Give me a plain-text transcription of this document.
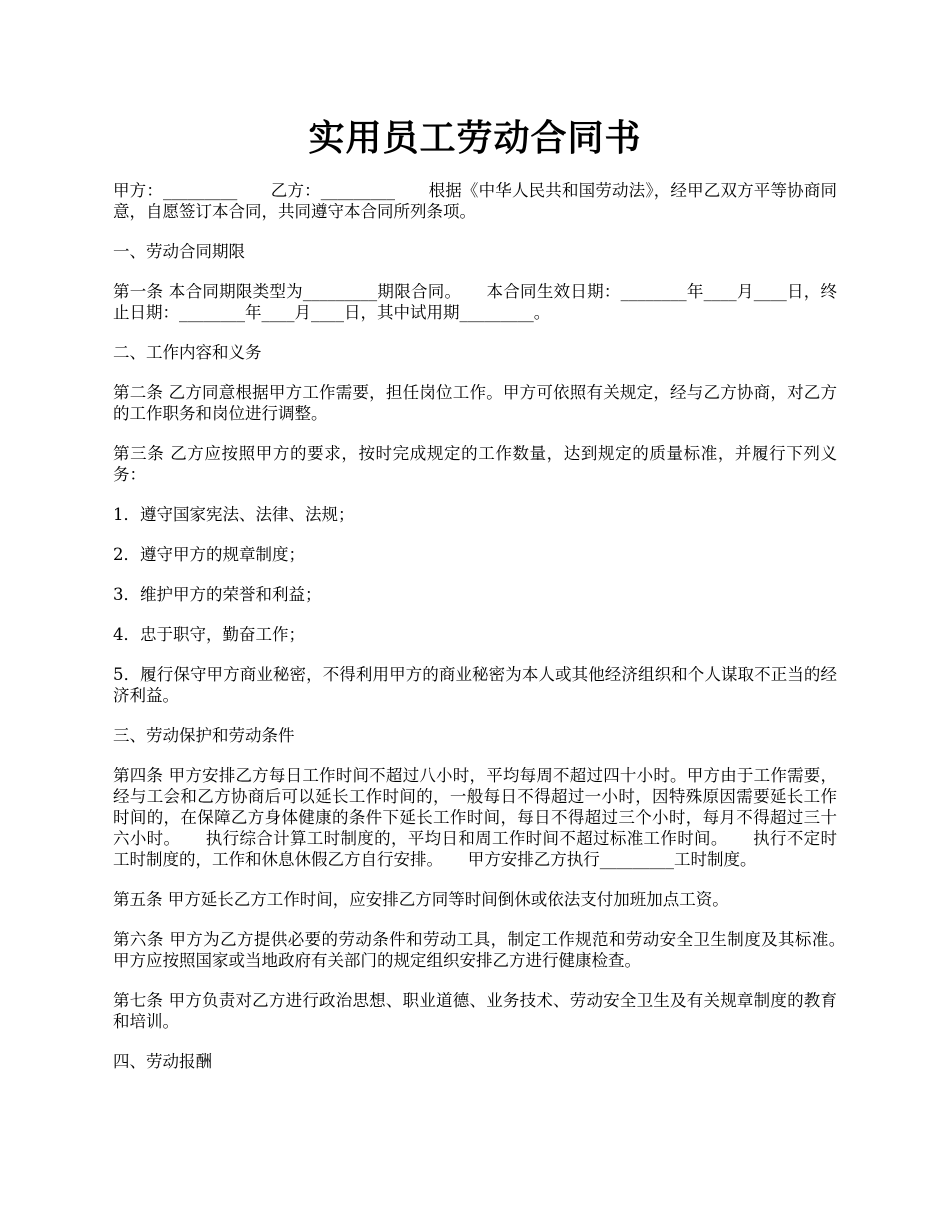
实用员工劳动合同书

甲方：_________　　乙方：_________　　根据《中华人民共和国劳动法》，经甲乙双方平等协商同意，自愿签订本合同，共同遵守本合同所列条项。

一、劳动合同期限

第一条 本合同期限类型为_________期限合同。　　本合同生效日期：________年____月____日，终止日期：________年____月____日，其中试用期_________。

二、工作内容和义务

第二条 乙方同意根据甲方工作需要，担任岗位工作。甲方可依照有关规定，经与乙方协商，对乙方的工作职务和岗位进行调整。

第三条 乙方应按照甲方的要求，按时完成规定的工作数量，达到规定的质量标准，并履行下列义务：

1．遵守国家宪法、法律、法规；

2．遵守甲方的规章制度；

3．维护甲方的荣誉和利益；

4．忠于职守，勤奋工作；

5．履行保守甲方商业秘密，不得利用甲方的商业秘密为本人或其他经济组织和个人谋取不正当的经济利益。

三、劳动保护和劳动条件

第四条 甲方安排乙方每日工作时间不超过八小时，平均每周不超过四十小时。甲方由于工作需要，经与工会和乙方协商后可以延长工作时间的，一般每日不得超过一小时，因特殊原因需要延长工作时间的，在保障乙方身体健康的条件下延长工作时间，每日不得超过三个小时，每月不得超过三十六小时。　　执行综合计算工时制度的，平均日和周工作时间不超过标准工作时间。　　执行不定时工时制度的，工作和休息休假乙方自行安排。　　甲方安排乙方执行_________工时制度。

第五条 甲方延长乙方工作时间，应安排乙方同等时间倒休或依法支付加班加点工资。

第六条 甲方为乙方提供必要的劳动条件和劳动工具，制定工作规范和劳动安全卫生制度及其标准。　　甲方应按照国家或当地政府有关部门的规定组织安排乙方进行健康检查。

第七条 甲方负责对乙方进行政治思想、职业道德、业务技术、劳动安全卫生及有关规章制度的教育和培训。

四、劳动报酬
